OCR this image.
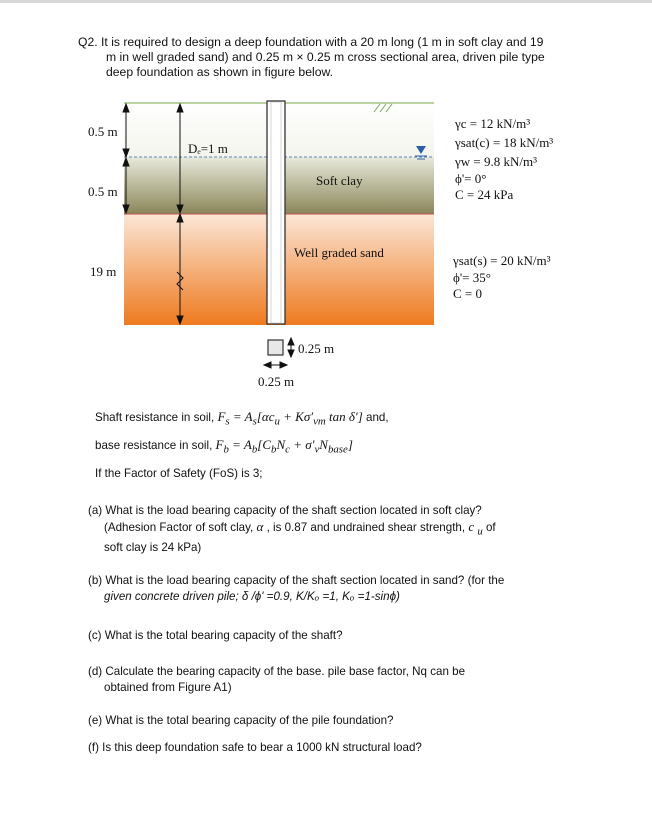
Q2. It is required to design a deep foundation with a 20 m long (1 m in soft clay and 19
m in well graded sand) and 0.25 m × 0.25 m cross sectional area, driven pile type
deep foundation as shown in figure below.
0.5 m
0.5 m
19 m
Dₑ=1 m
Soft clay
Well graded sand
0.25 m
0.25 m
γc = 12 kN/m³
γsat(c) = 18 kN/m³
γw = 9.8 kN/m³
ϕ'= 0°
C = 24 kPa
γsat(s) = 20 kN/m³
ϕ'= 35°
C = 0
Shaft resistance in soil, $F_s = A_s[\alpha c_u + K\sigma'_{vm}$ tan δ′] and,
base resistance in soil, $F_b = A_b[C_bN_c + \sigma'_vN_{base}]$
If the Factor of Safety (FoS) is 3;
(a) What is the load bearing capacity of the shaft section located in soft clay?
(Adhesion Factor of soft clay, α , is 0.87 and undrained shear strength, c $_u$ of
soft clay is 24 kPa)
(b) What is the load bearing capacity of the shaft section located in sand? (for the
given concrete driven pile; δ /ϕ' =0.9, K/Kₒ =1, Kₒ =1-sinϕ)
(c) What is the total bearing capacity of the shaft?
(d) Calculate the bearing capacity of the base. pile base factor, Nq can be
obtained from Figure A1)
(e) What is the total bearing capacity of the pile foundation?
(f) Is this deep foundation safe to bear a 1000 kN structural load?
